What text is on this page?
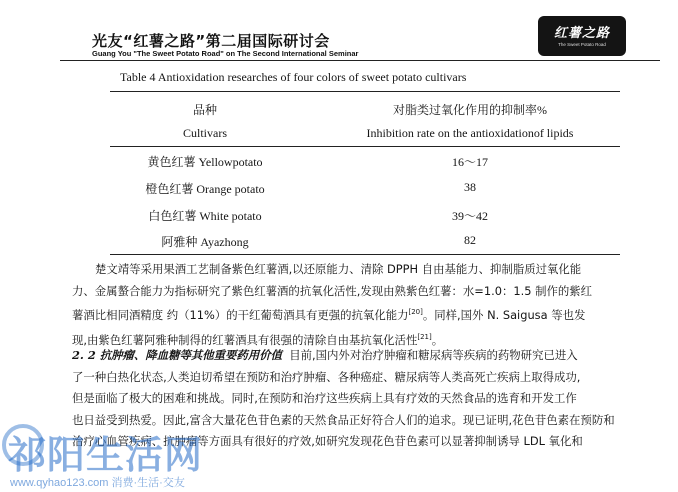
光友“红薯之路”第二届国际研讨会
Guang You "The Sweet Potato Road" on The Second International Seminar
红薯之路
The Sweet Potato Road
Table 4 Antioxidation researches of four colors of sweet potato cultivars
品种	对脂类过氧化作用的抑制率%
Cultivars	Inhibition rate on the antioxidationof lipids
黄色红薯 Yellowpotato	16～17
橙色红薯 Orange potato	38
白色红薯 White potato	39～42
阿雅种 Ayazhong	82
楚文靖等采用果酒工艺制备紫色红薯酒,以还原能力、清除 DPPH 自由基能力、抑制脂质过氧化能
力、金属螯合能力为指标研究了紫色红薯酒的抗氧化活性,发现由熟紫色红薯：水=1.0：1.5 制作的紫红
薯酒比相同酒精度 约（11%）的干红葡萄酒具有更强的抗氧化能力[20]。同样,国外 N. Saigusa 等也发
现,由紫色红薯阿雅种制得的红薯酒具有很强的清除自由基抗氧化活性[21]。
2. 2 抗肿瘤、降血糖等其他重要药用价值 目前,国内外对治疗肿瘤和糖尿病等疾病的药物研究已进入
了一种白热化状态,人类迫切希望在预防和治疗肿瘤、各种癌症、糖尿病等人类高死亡疾病上取得成功,
但是面临了极大的困难和挑战。同时,在预防和治疗这些疾病上具有疗效的天然食品的选育和开发工作
也日益受到热爱。因此,富含大量花色苷色素的天然食品正好符合人们的追求。现已证明,花色苷色素在预防和
治疗心血管疾病、抗肿瘤等方面具有很好的疗效,如研究发现花色苷色素可以显著抑制诱导 LDL 氧化和
祁阳生活网
www.qyhao123.com 消费·生活·交友
